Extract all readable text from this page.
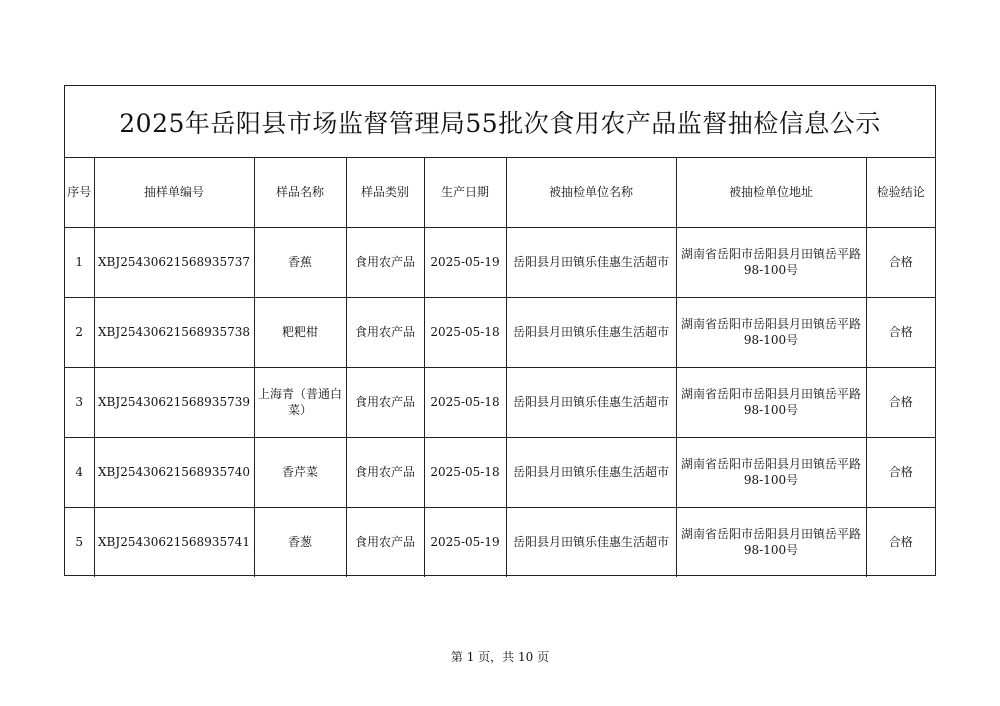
2025年岳阳县市场监督管理局55批次食用农产品监督抽检信息公示
序号	抽样单编号	样品名称	样品类别	生产日期	被抽检单位名称	被抽检单位地址	检验结论
1	XBJ25430621568935737	香蕉	食用农产品	2025-05-19	岳阳县月田镇乐佳惠生活超市	湖南省岳阳市岳阳县月田镇岳平路98-100号	合格
2	XBJ25430621568935738	粑粑柑	食用农产品	2025-05-18	岳阳县月田镇乐佳惠生活超市	湖南省岳阳市岳阳县月田镇岳平路98-100号	合格
3	XBJ25430621568935739	上海青（普通白菜）	食用农产品	2025-05-18	岳阳县月田镇乐佳惠生活超市	湖南省岳阳市岳阳县月田镇岳平路98-100号	合格
4	XBJ25430621568935740	香芹菜	食用农产品	2025-05-18	岳阳县月田镇乐佳惠生活超市	湖南省岳阳市岳阳县月田镇岳平路98-100号	合格
5	XBJ25430621568935741	香葱	食用农产品	2025-05-19	岳阳县月田镇乐佳惠生活超市	湖南省岳阳市岳阳县月田镇岳平路98-100号	合格
第 1 页，共 10 页
